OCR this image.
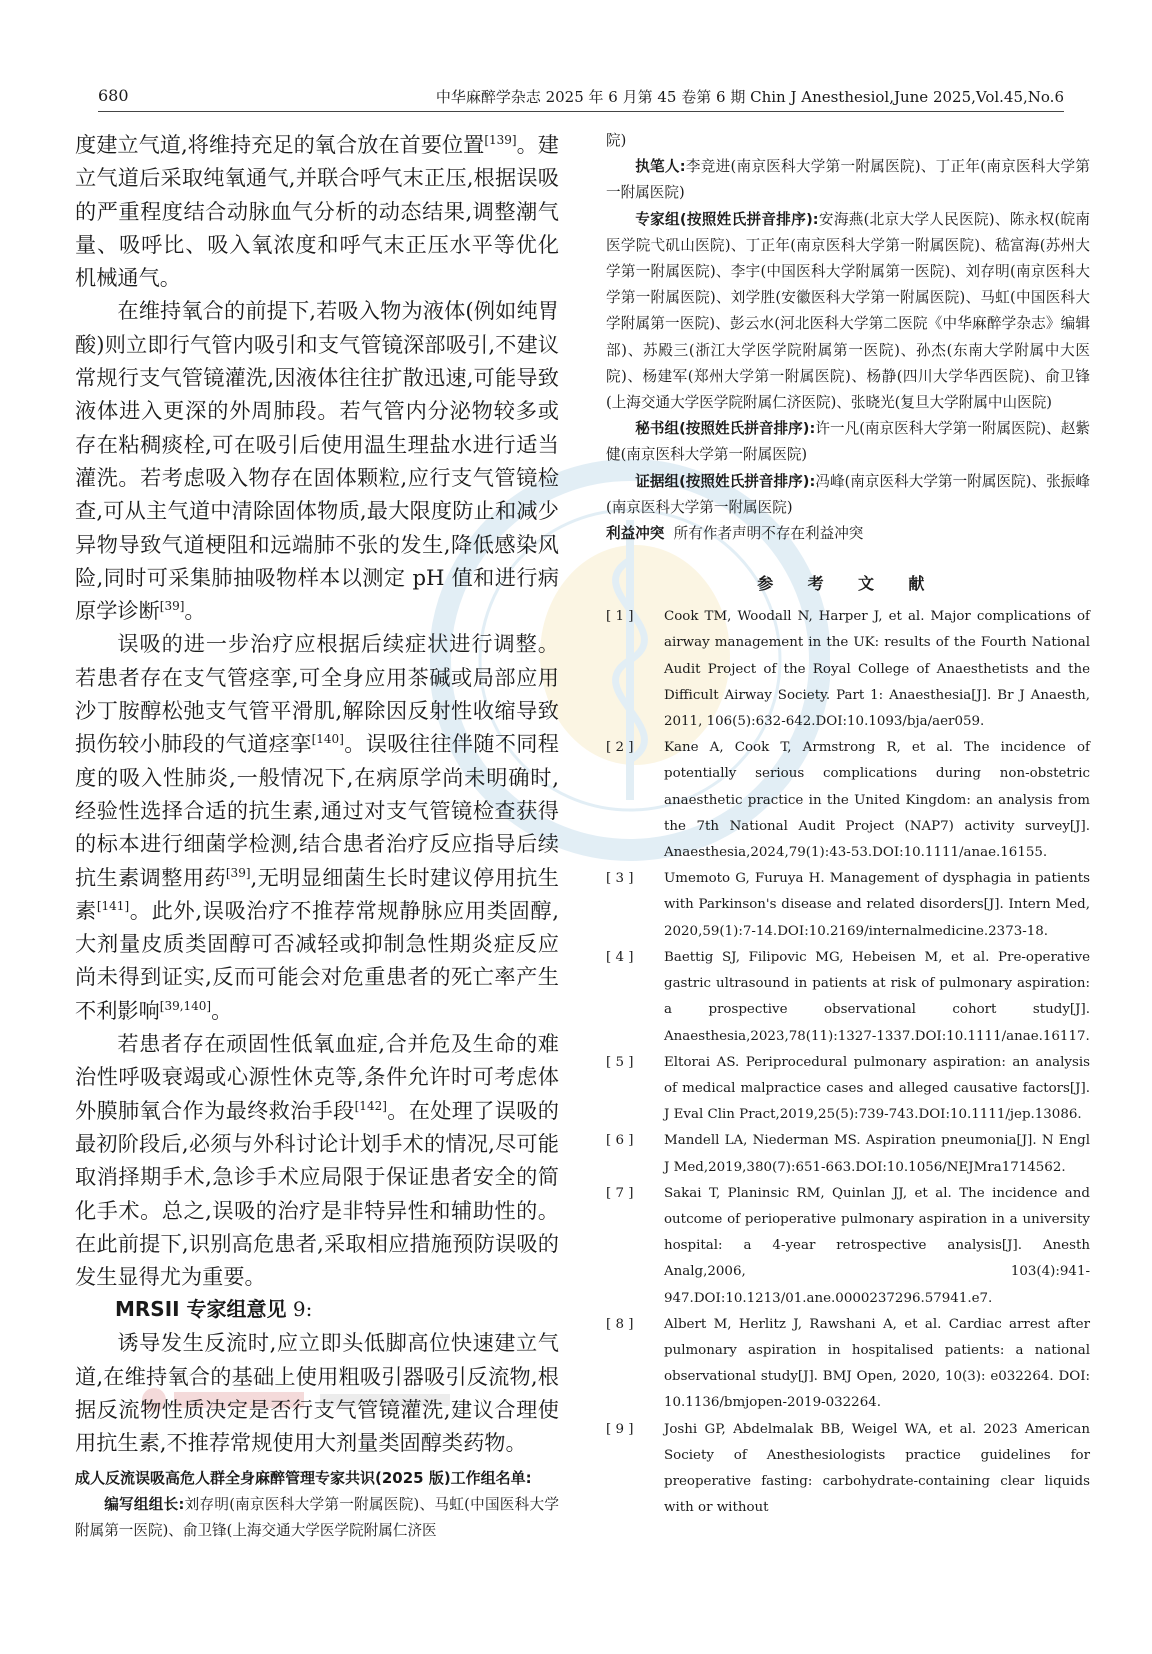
680	中华麻醉学杂志 2025 年 6 月第 45 卷第 6 期 Chin J Anesthesiol,June 2025,Vol.45,No.6

度建立气道,将维持充足的氧合放在首要位置[139]。建立气道后采取纯氧通气,并联合呼气末正压,根据误吸的严重程度结合动脉血气分析的动态结果,调整潮气量、吸呼比、吸入氧浓度和呼气末正压水平等优化机械通气。

在维持氧合的前提下,若吸入物为液体(例如纯胃酸)则立即行气管内吸引和支气管镜深部吸引,不建议常规行支气管镜灌洗,因液体往往扩散迅速,可能导致液体进入更深的外周肺段。若气管内分泌物较多或存在粘稠痰栓,可在吸引后使用温生理盐水进行适当灌洗。若考虑吸入物存在固体颗粒,应行支气管镜检查,可从主气道中清除固体物质,最大限度防止和减少异物导致气道梗阻和远端肺不张的发生,降低感染风险,同时可采集肺抽吸物样本以测定 pH 值和进行病原学诊断[39]。

误吸的进一步治疗应根据后续症状进行调整。若患者存在支气管痉挛,可全身应用茶碱或局部应用沙丁胺醇松弛支气管平滑肌,解除因反射性收缩导致损伤较小肺段的气道痉挛[140]。误吸往往伴随不同程度的吸入性肺炎,一般情况下,在病原学尚未明确时,经验性选择合适的抗生素,通过对支气管镜检查获得的标本进行细菌学检测,结合患者治疗反应指导后续抗生素调整用药[39],无明显细菌生长时建议停用抗生素[141]。此外,误吸治疗不推荐常规静脉应用类固醇,大剂量皮质类固醇可否减轻或抑制急性期炎症反应尚未得到证实,反而可能会对危重患者的死亡率产生不利影响[39,140]。

若患者存在顽固性低氧血症,合并危及生命的难治性呼吸衰竭或心源性休克等,条件允许时可考虑体外膜肺氧合作为最终救治手段[142]。在处理了误吸的最初阶段后,必须与外科讨论计划手术的情况,尽可能取消择期手术,急诊手术应局限于保证患者安全的简化手术。总之,误吸的治疗是非特异性和辅助性的。在此前提下,识别高危患者,采取相应措施预防误吸的发生显得尤为重要。

MRSII 专家组意见 9:

诱导发生反流时,应立即头低脚高位快速建立气道,在维持氧合的基础上使用粗吸引器吸引反流物,根据反流物性质决定是否行支气管镜灌洗,建议合理使用抗生素,不推荐常规使用大剂量类固醇类药物。

成人反流误吸高危人群全身麻醉管理专家共识(2025 版)工作组名单:

编写组组长:刘存明(南京医科大学第一附属医院)、马虹(中国医科大学附属第一医院)、俞卫锋(上海交通大学医学院附属仁济医

院)

执笔人:李竞进(南京医科大学第一附属医院)、丁正年(南京医科大学第一附属医院)

专家组(按照姓氏拼音排序):安海燕(北京大学人民医院)、陈永权(皖南医学院弋矶山医院)、丁正年(南京医科大学第一附属医院)、嵇富海(苏州大学第一附属医院)、李宇(中国医科大学附属第一医院)、刘存明(南京医科大学第一附属医院)、刘学胜(安徽医科大学第一附属医院)、马虹(中国医科大学附属第一医院)、彭云水(河北医科大学第二医院《中华麻醉学杂志》编辑部)、苏殿三(浙江大学医学院附属第一医院)、孙杰(东南大学附属中大医院)、杨建军(郑州大学第一附属医院)、杨静(四川大学华西医院)、俞卫锋(上海交通大学医学院附属仁济医院)、张晓光(复旦大学附属中山医院)

秘书组(按照姓氏拼音排序):许一凡(南京医科大学第一附属医院)、赵紫健(南京医科大学第一附属医院)

证据组(按照姓氏拼音排序):冯峰(南京医科大学第一附属医院)、张振峰(南京医科大学第一附属医院)

利益冲突 所有作者声明不存在利益冲突

参 考 文 献

[ 1 ]	Cook TM, Woodall N, Harper J, et al. Major complications of airway management in the UK: results of the Fourth National Audit Project of the Royal College of Anaesthetists and the Difficult Airway Society. Part 1: Anaesthesia[J]. Br J Anaesth, 2011, 106(5):632-642.DOI:10.1093/bja/aer059.
[ 2 ]	Kane A, Cook T, Armstrong R, et al. The incidence of potentially serious complications during non-obstetric anaesthetic practice in the United Kingdom: an analysis from the 7th National Audit Project (NAP7) activity survey[J]. Anaesthesia,2024,79(1):43-53.DOI:10.1111/anae.16155.
[ 3 ]	Umemoto G, Furuya H. Management of dysphagia in patients with Parkinson's disease and related disorders[J]. Intern Med, 2020,59(1):7-14.DOI:10.2169/internalmedicine.2373-18.
[ 4 ]	Baettig SJ, Filipovic MG, Hebeisen M, et al. Pre-operative gastric ultrasound in patients at risk of pulmonary aspiration: a prospective observational cohort study[J]. Anaesthesia,2023,78(11):1327-1337.DOI:10.1111/anae.16117.
[ 5 ]	Eltorai AS. Periprocedural pulmonary aspiration: an analysis of medical malpractice cases and alleged causative factors[J]. J Eval Clin Pract,2019,25(5):739-743.DOI:10.1111/jep.13086.
[ 6 ]	Mandell LA, Niederman MS. Aspiration pneumonia[J]. N Engl J Med,2019,380(7):651-663.DOI:10.1056/NEJMra1714562.
[ 7 ]	Sakai T, Planinsic RM, Quinlan JJ, et al. The incidence and outcome of perioperative pulmonary aspiration in a university hospital: a 4-year retrospective analysis[J]. Anesth Analg,2006, 103(4):941-947.DOI:10.1213/01.ane.0000237296.57941.e7.
[ 8 ]	Albert M, Herlitz J, Rawshani A, et al. Cardiac arrest after pulmonary aspiration in hospitalised patients: a national observational study[J]. BMJ Open, 2020, 10(3): e032264. DOI: 10.1136/bmjopen-2019-032264.
[ 9 ]	Joshi GP, Abdelmalak BB, Weigel WA, et al. 2023 American Society of Anesthesiologists practice guidelines for preoperative fasting: carbohydrate-containing clear liquids with or without
